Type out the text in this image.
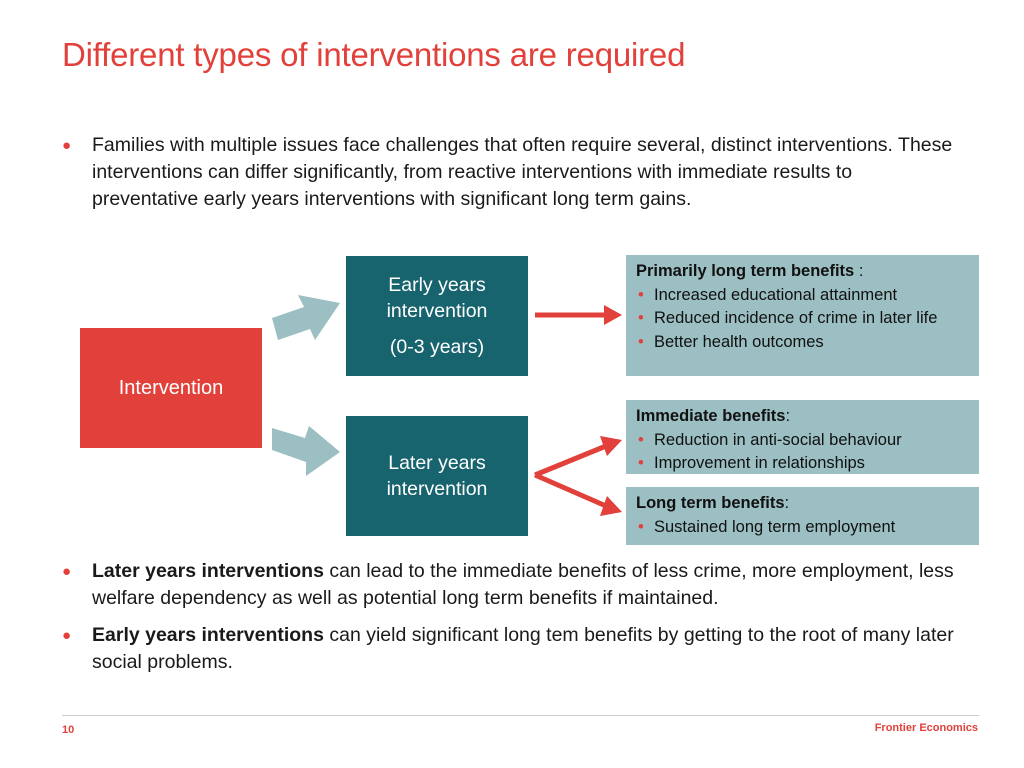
Different types of interventions are required
● Families with multiple issues face challenges that often require several, distinct interventions. These interventions can differ significantly, from reactive interventions with immediate results to preventative early years interventions with significant long term gains.
Intervention
Early years intervention
(0-3 years)
Later years intervention
Primarily long term benefits :
• Increased educational attainment
• Reduced incidence of crime in later life
• Better health outcomes
Immediate benefits:
• Reduction in anti-social behaviour
• Improvement in relationships
Long term benefits:
• Sustained long term employment
● Later years interventions can lead to the immediate benefits of less crime, more employment, less welfare dependency as well as potential long term benefits if maintained.
● Early years interventions can yield significant long tem benefits by getting to the root of many later social problems.
10	Frontier Economics
